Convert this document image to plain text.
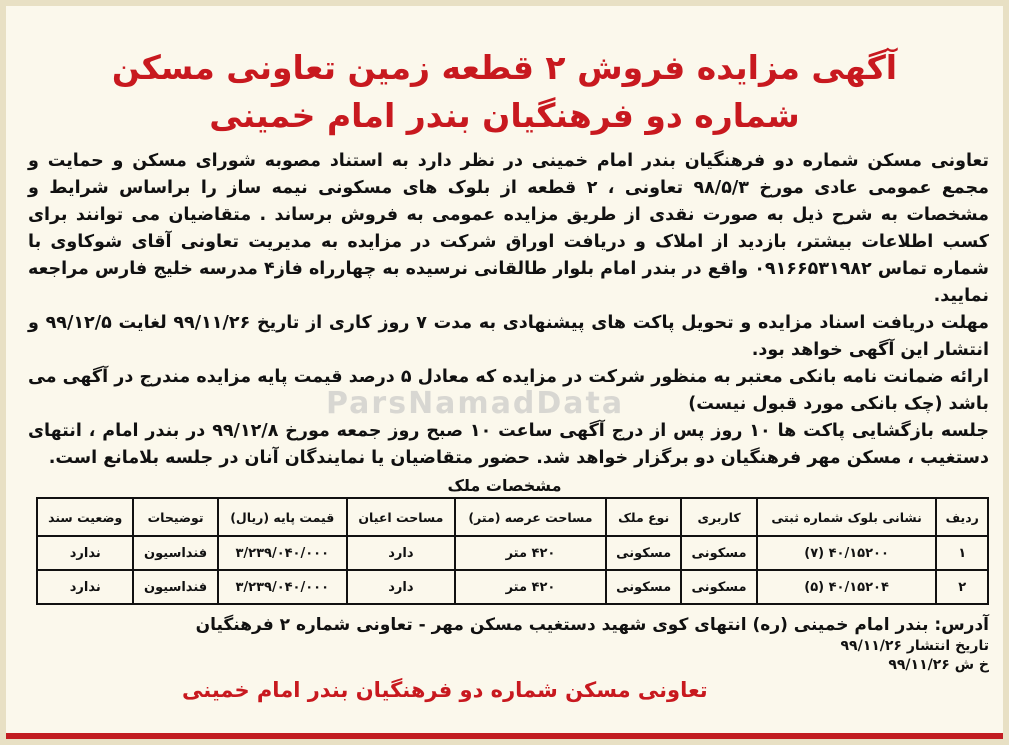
آگهی مزایده فروش ۲ قطعه زمین تعاونی مسکن
شماره دو فرهنگیان بندر امام خمینی
تعاونی مسکن شماره دو فرهنگیان بندر امام خمینی در نظر دارد به استناد مصوبه شورای مسکن و حمایت و مجمع عمومی عادی مورخ ۹۸/۵/۳ تعاونی ، ۲ قطعه از بلوک های مسکونی نیمه ساز را براساس شرایط و مشخصات به شرح ذیل به صورت نقدی از طریق مزایده عمومی به فروش برساند . متقاضیان می توانند برای کسب اطلاعات بیشتر، بازدید از املاک و دریافت اوراق شرکت در مزایده به مدیریت تعاونی آقای شوکاوی با شماره تماس ۰۹۱۶۶۵۳۱۹۸۲ واقع در بندر امام بلوار طالقانی نرسیده به چهارراه فاز۴ مدرسه خلیج فارس مراجعه نمایید.
مهلت دریافت اسناد مزایده و تحویل پاکت های پیشنهادی به مدت ۷ روز کاری از تاریخ ۹۹/۱۱/۲۶ لغایت ۹۹/۱۲/۵ و انتشار این آگهی خواهد بود.
ارائه ضمانت نامه بانکی معتبر به منظور شرکت در مزایده که معادل ۵ درصد قیمت پایه مزایده مندرج در آگهی می باشد (چک بانکی مورد قبول نیست)
جلسه بازگشایی پاکت ها ۱۰ روز پس از درج آگهی ساعت ۱۰ صبح روز جمعه مورخ ۹۹/۱۲/۸ در بندر امام ، انتهای دستغیب ، مسکن مهر فرهنگیان دو برگزار خواهد شد. حضور متقاضیان یا نمایندگان آنان در جلسه بلامانع است.
مشخصات ملک
ردیف	نشانی بلوک شماره ثبتی	کاربری	نوع ملک	مساحت عرصه (متر)	مساحت اعیان	قیمت پایه (ریال)	توضیحات	وضعیت سند
۱	۴۰/۱۵۲۰۰ (۷)	مسکونی	مسکونی	۴۲۰ متر	دارد	۳/۲۳۹/۰۴۰/۰۰۰	فنداسیون	ندارد
۲	۴۰/۱۵۲۰۴ (۵)	مسکونی	مسکونی	۴۲۰ متر	دارد	۳/۲۳۹/۰۴۰/۰۰۰	فنداسیون	ندارد
آدرس: بندر امام خمینی (ره) انتهای کوی شهید دستغیب مسکن مهر - تعاونی شماره ۲ فرهنگیان
تاریخ انتشار ۹۹/۱۱/۲۶
خ ش ۹۹/۱۱/۲۶
ParsNamadData
تعاونی مسکن شماره دو فرهنگیان بندر امام خمینی
